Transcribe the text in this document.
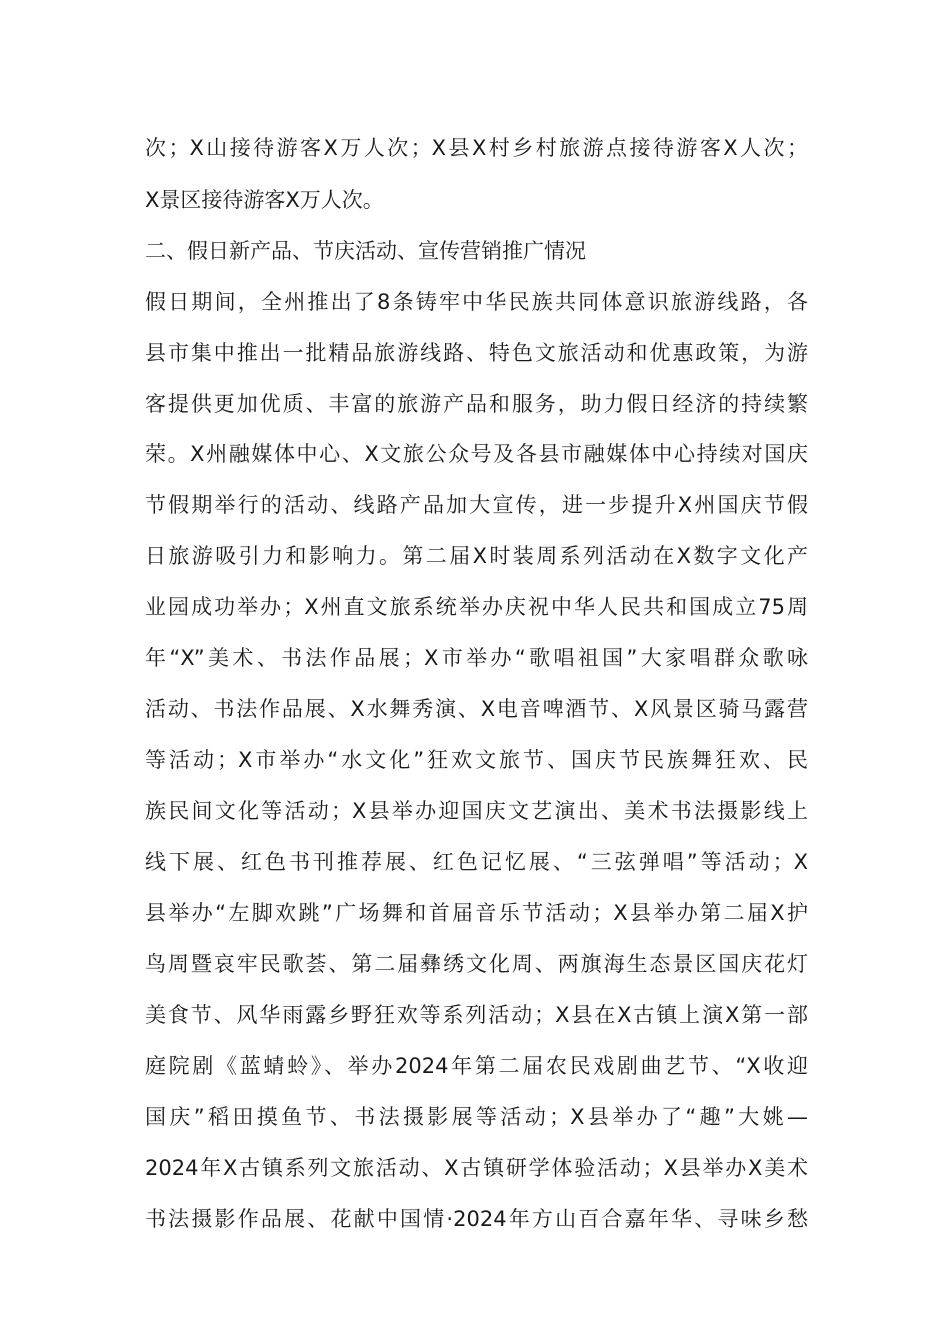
次；X山接待游客X万人次；X县X村乡村旅游点接待游客X人次；
X景区接待游客X万人次。
二、假日新产品、节庆活动、宣传营销推广情况
假日期间，全州推出了8条铸牢中华民族共同体意识旅游线路，各
县市集中推出一批精品旅游线路、特色文旅活动和优惠政策，为游
客提供更加优质、丰富的旅游产品和服务，助力假日经济的持续繁
荣。X州融媒体中心、X文旅公众号及各县市融媒体中心持续对国庆
节假期举行的活动、线路产品加大宣传，进一步提升X州国庆节假
日旅游吸引力和影响力。第二届X时装周系列活动在X数字文化产
业园成功举办；X州直文旅系统举办庆祝中华人民共和国成立75周
年“X”美术、书法作品展；X市举办“歌唱祖国”大家唱群众歌咏
活动、书法作品展、X水舞秀演、X电音啤酒节、X风景区骑马露营
等活动；X市举办“水文化”狂欢文旅节、国庆节民族舞狂欢、民
族民间文化等活动；X县举办迎国庆文艺演出、美术书法摄影线上
线下展、红色书刊推荐展、红色记忆展、“三弦弹唱”等活动；X
县举办“左脚欢跳”广场舞和首届音乐节活动；X县举办第二届X护
鸟周暨哀牢民歌荟、第二届彝绣文化周、两旗海生态景区国庆花灯
美食节、风华雨露乡野狂欢等系列活动；X县在X古镇上演X第一部
庭院剧《蓝蜻蛉》、举办2024年第二届农民戏剧曲艺节、“X收迎
国庆”稻田摸鱼节、书法摄影展等活动；X县举办了“趣”大姚—
2024年X古镇系列文旅活动、X古镇研学体验活动；X县举办X美术
书法摄影作品展、花献中国情·2024年方山百合嘉年华、寻味乡愁
